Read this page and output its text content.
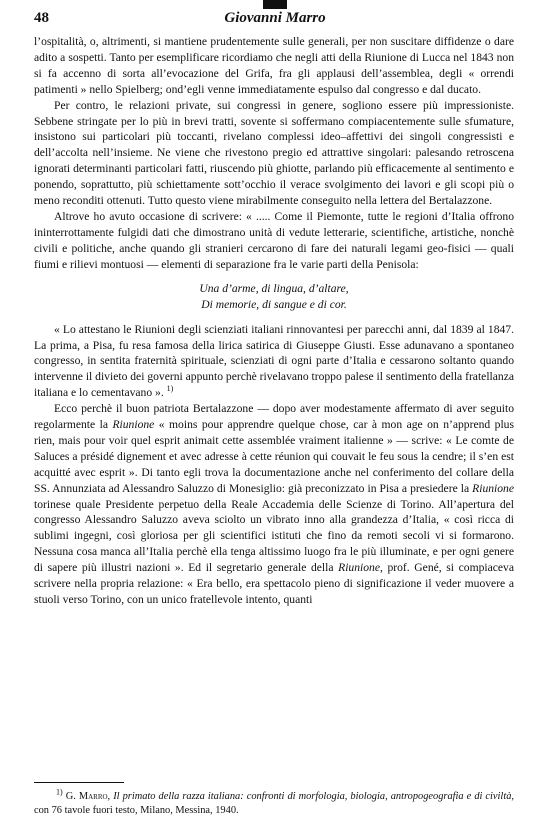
48	Giovanni Marro

l’ospitalità, o, altrimenti, si mantiene prudentemente sulle generali, per non suscitare diffidenze o dare adito a sospetti. Tanto per esemplificare ricordiamo che negli atti della Riunione di Lucca nel 1843 non si fa accenno di sorta all’evocazione del Grifa, fra gli applausi dell’assemblea, degli « orrendi patimenti » nello Spielberg; ond’egli venne immediatamente espulso dal congresso e dal ducato.

Per contro, le relazioni private, sui congressi in genere, sogliono essere più impressioniste. Sebbene stringate per lo più in brevi tratti, sovente si soffermano compiacentemente sulle sfumature, insistono sui particolari più toccanti, rivelano complessi ideo–affettivi dei singoli congressisti e dell’accolta nell’insieme. Ne viene che rivestono pregio ed attrattive singolari: palesando retroscena ignorati determinanti particolari fatti, riuscendo più ghiotte, parlando più efficacemente al sentimento e ponendo, soprattutto, più schiettamente sott’occhio il verace svolgimento dei lavori e gli scopi più o meno reconditi ottenuti. Tutto questo viene mirabilmente conseguito nella lettera del Bertalazzone.

Altrove ho avuto occasione di scrivere: « ..... Come il Piemonte, tutte le regioni d’Italia offrono ininterrottamente fulgidi dati che dimostrano unità di vedute letterarie, scientifiche, artistiche, nonchè civili e politiche, anche quando gli stranieri cercarono di fare dei naturali legami geo-fisici — quali fiumi e rilievi montuosi — elementi di separazione fra le varie parti della Penisola:

Una d’arme, di lingua, d’altare,
Di memorie, di sangue e di cor.

« Lo attestano le Riunioni degli scienziati italiani rinnovantesi per parecchi anni, dal 1839 al 1847. La prima, a Pisa, fu resa famosa della lirica satirica di Giuseppe Giusti. Esse adunavano a spontaneo congresso, in sentita fraternità spirituale, scienziati di ogni parte d’Italia e cessarono soltanto quando intervenne il divieto dei governi appunto perchè rivelavano troppo palese il sentimento della fratellanza italiana e lo cementavano ». $^{1)}$

Ecco perchè il buon patriota Bertalazzone — dopo aver modestamente affermato di aver seguito regolarmente la Riunione « moins pour apprendre quelque chose, car à mon age on n’apprend plus rien, mais pour voir quel esprit animait cette assemblée vraiment italienne » — scrive: « Le comte de Saluces a présidé dignement et avec adresse à cette réunion qui couvait le feu sous la cendre; il s’en est acquitté avec esprit ». Di tanto egli trova la documentazione anche nel conferimento del collare della SS. Annunziata ad Alessandro Saluzzo di Monesiglio: già preconizzato in Pisa a presiedere la Riunione torinese quale Presidente perpetuo della Reale Accademia delle Scienze di Torino. All’apertura del congresso Alessandro Saluzzo aveva sciolto un vibrato inno alla grandezza d’Italia, « così ricca di sublimi ingegni, così gloriosa per gli scientifici istituti che fino da remoti secoli vi si formarono. Nessuna cosa manca all’Italia perchè ella tenga altissimo luogo fra le più illuminate, e per ogni genere di sapere più illustri nazioni ». Ed il segretario generale della Riunione, prof. Gené, si compiaceva scrivere nella propria relazione: « Era bello, era spettacolo pieno di significazione il veder muovere a stuoli verso Torino, con un unico fratellevole intento, quanti

$^{1)}$ G. Marro, Il primato della razza italiana: confronti di morfologia, biologia, antropogeografia e di civiltà, con 76 tavole fuori testo, Milano, Messina, 1940.
